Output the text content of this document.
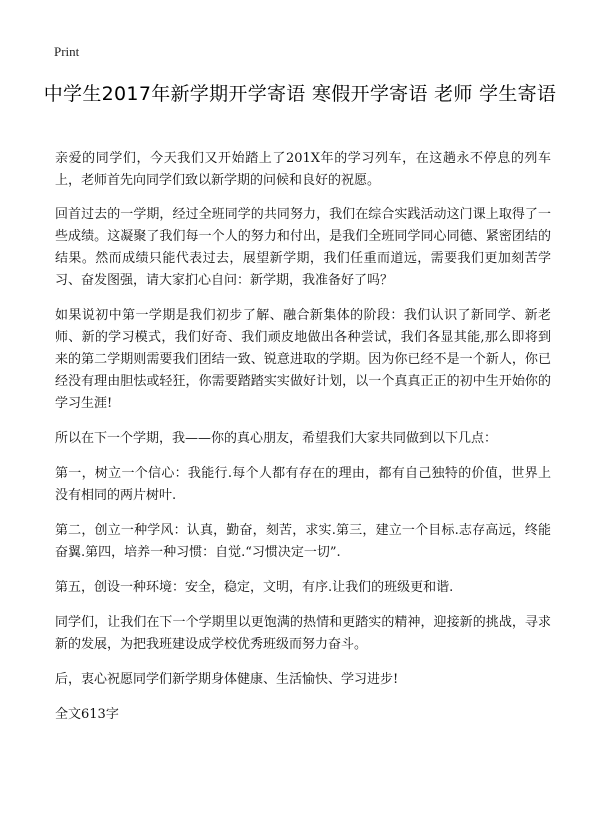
Print
中学生2017年新学期开学寄语 寒假开学寄语 老师 学生寄语

亲爱的同学们，今天我们又开始踏上了201X年的学习列车，在这趟永不停息的列车上，老师首先向同学们致以新学期的问候和良好的祝愿。

回首过去的一学期，经过全班同学的共同努力，我们在综合实践活动这门课上取得了一些成绩。这凝聚了我们每一个人的努力和付出，是我们全班同学同心同德、紧密团结的结果。然而成绩只能代表过去，展望新学期，我们任重而道远，需要我们更加刻苦学习、奋发图强，请大家扪心自问：新学期，我准备好了吗？

如果说初中第一学期是我们初步了解、融合新集体的阶段：我们认识了新同学、新老师、新的学习模式，我们好奇、我们顽皮地做出各种尝试，我们各显其能,那么即将到来的第二学期则需要我们团结一致、锐意进取的学期。因为你已经不是一个新人，你已经没有理由胆怯或轻狂，你需要踏踏实实做好计划，以一个真真正正的初中生开始你的学习生涯!

所以在下一个学期，我——你的真心朋友，希望我们大家共同做到以下几点：

第一，树立一个信心：我能行.每个人都有存在的理由，都有自己独特的价值，世界上没有相同的两片树叶.

第二，创立一种学风：认真，勤奋，刻苦，求实.第三，建立一个目标.志存高远，终能奋翼.第四，培养一种习惯：自觉.“习惯决定一切”.

第五，创设一种环境：安全，稳定，文明，有序.让我们的班级更和谐.

同学们，让我们在下一个学期里以更饱满的热情和更踏实的精神，迎接新的挑战，寻求新的发展，为把我班建设成学校优秀班级而努力奋斗。

后，衷心祝愿同学们新学期身体健康、生活愉快、学习进步!

全文613字
